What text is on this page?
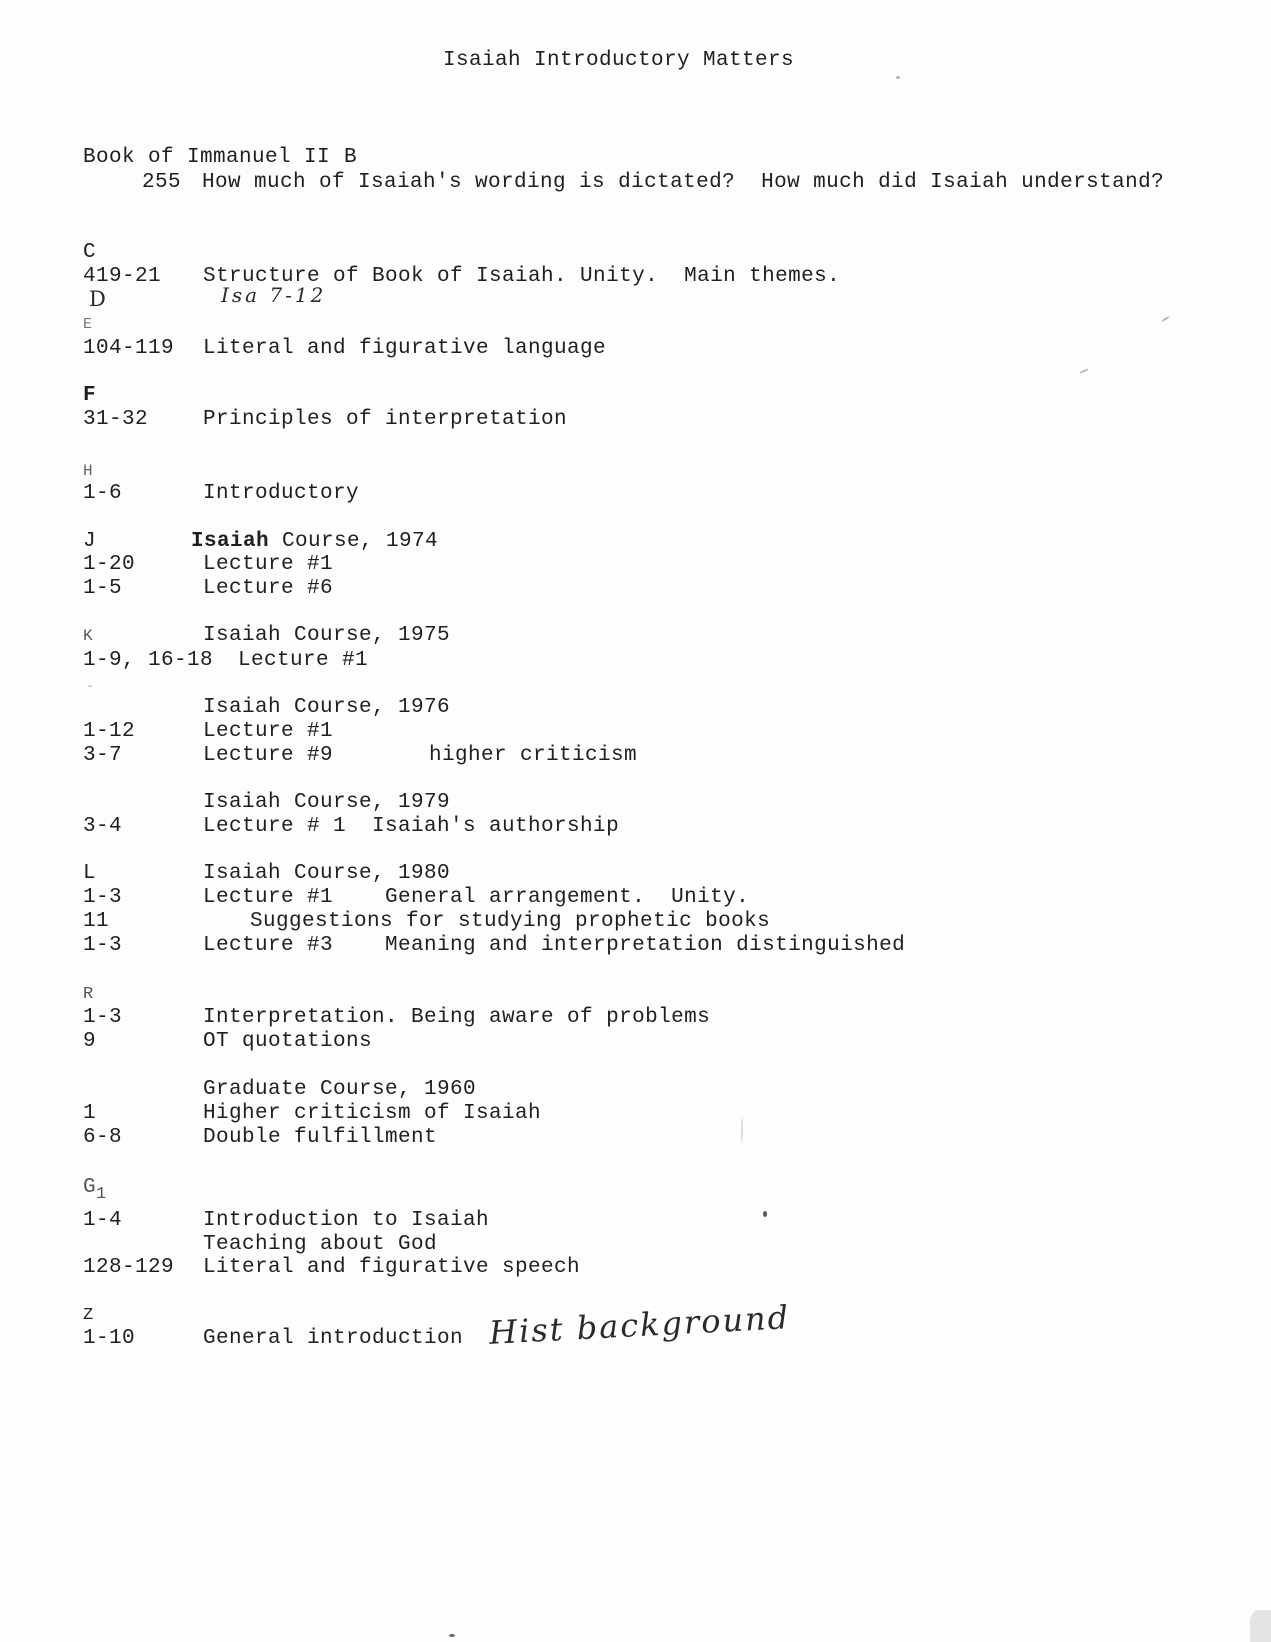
Isaiah Introductory Matters
Book of Immanuel II B
255 How much of Isaiah's wording is dictated?  How much did Isaiah understand?
C
419-21 Structure of Book of Isaiah. Unity.  Main themes.
D	Isa 7-12
E
104-119 Literal and figurative language
F
31-32	Principles of interpretation
H
1-6	Introductory
J	Isaiah Course, 1974
1-20	Lecture #1
1-5	Lecture #6
K	Isaiah Course, 1975
1-9, 16-18 Lecture #1
Isaiah Course, 1976
1-12	Lecture #1
3-7	Lecture #9	higher criticism
Isaiah Course, 1979
3-4	Lecture # 1  Isaiah's authorship
L	Isaiah Course, 1980
1-3	Lecture #1    General arrangement.  Unity.
11	Suggestions for studying prophetic books
1-3	Lecture #3    Meaning and interpretation distinguished
R
1-3	Interpretation. Being aware of problems
9	OT quotations
Graduate Course, 1960
1	Higher criticism of Isaiah
6-8	Double fulfillment
$G_1$
1-4	Introduction to Isaiah
Teaching about God
128-129 Literal and figurative speech
Z
1-10	General introduction Hist background
